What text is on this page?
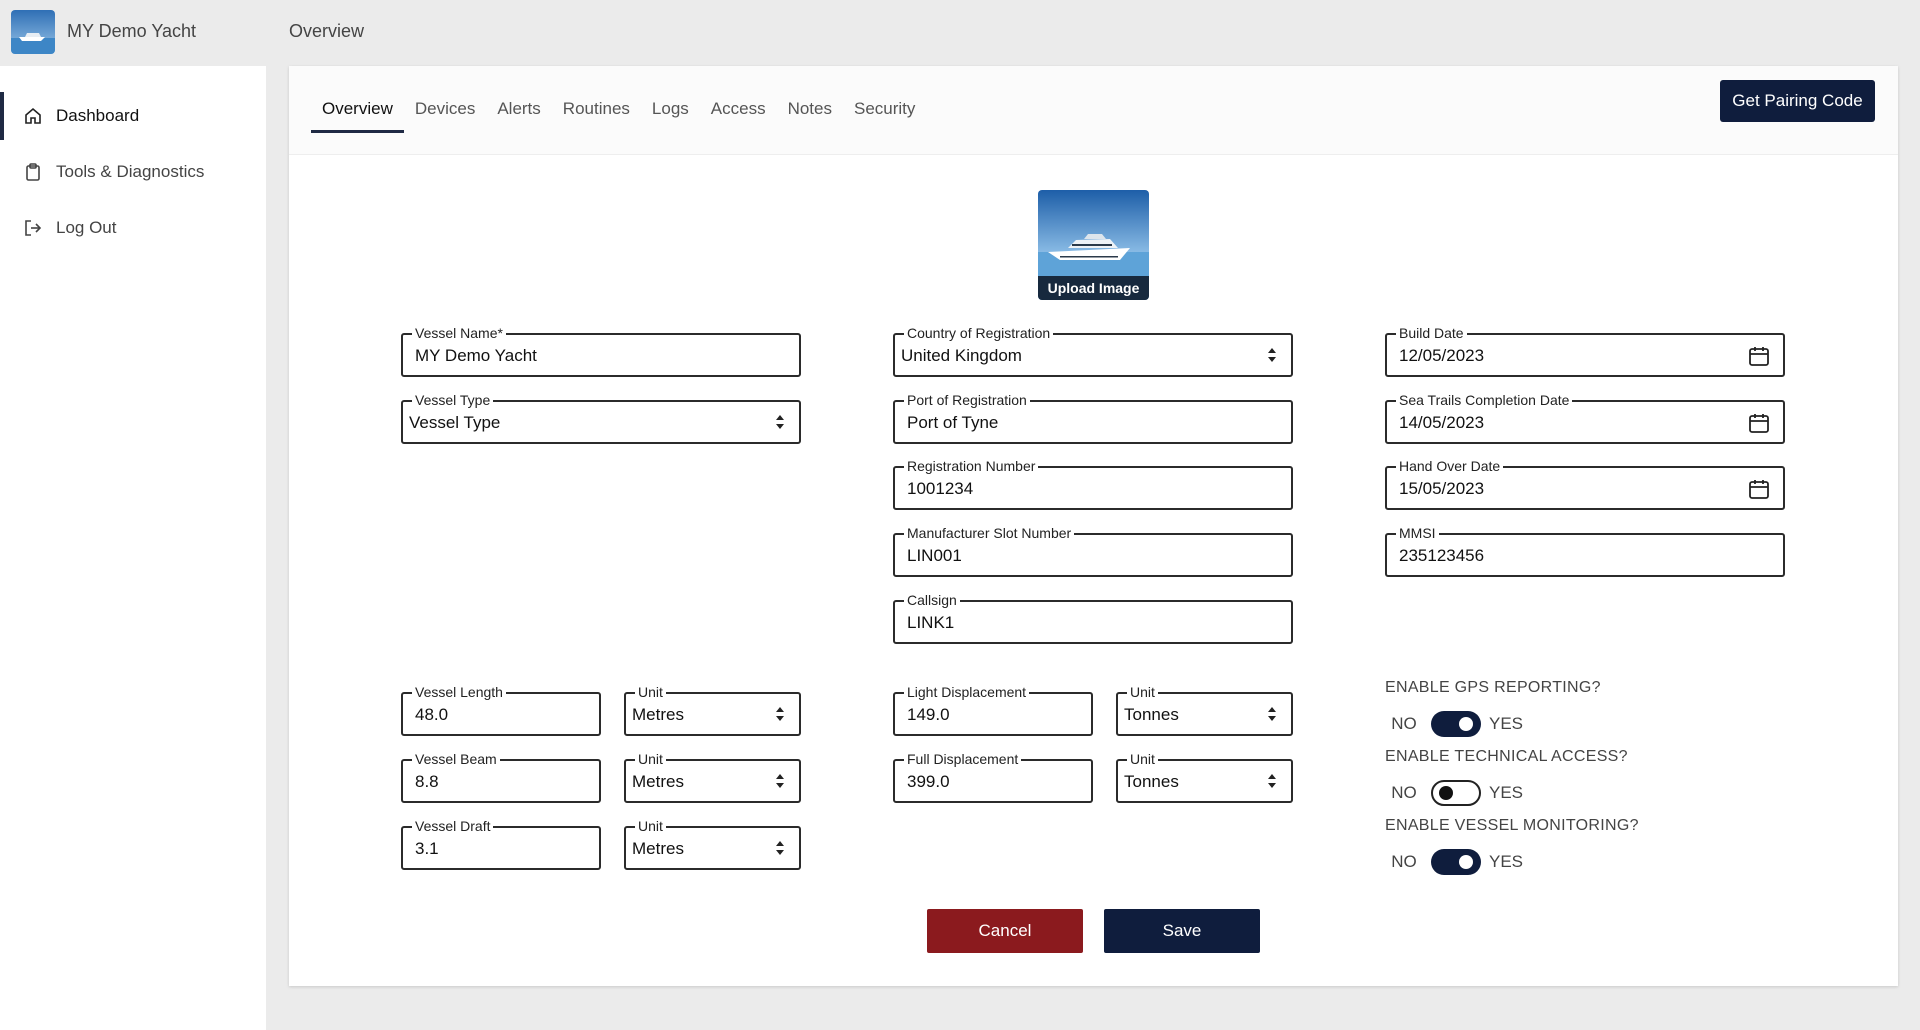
MY Demo Yacht	Overview
Dashboard
Tools & Diagnostics
Log Out
Overview	Devices	Alerts	Routines	Logs	Access	Notes	Security	Get Pairing Code
Upload Image
Vessel Name*
MY Demo Yacht
Vessel Type
Vessel Type
Country of Registration
United Kingdom
Port of Registration
Port of Tyne
Registration Number
1001234
Manufacturer Slot Number
LIN001
Callsign
LINK1
Build Date
12/05/2023
Sea Trails Completion Date
14/05/2023
Hand Over Date
15/05/2023
MMSI
235123456
Vessel Length
48.0
Unit
Metres
Vessel Beam
8.8
Unit
Metres
Vessel Draft
3.1
Unit
Metres
Light Displacement
149.0
Unit
Tonnes
Full Displacement
399.0
Unit
Tonnes
ENABLE GPS REPORTING?
NO	YES
ENABLE TECHNICAL ACCESS?
NO	YES
ENABLE VESSEL MONITORING?
NO	YES
Cancel	Save
